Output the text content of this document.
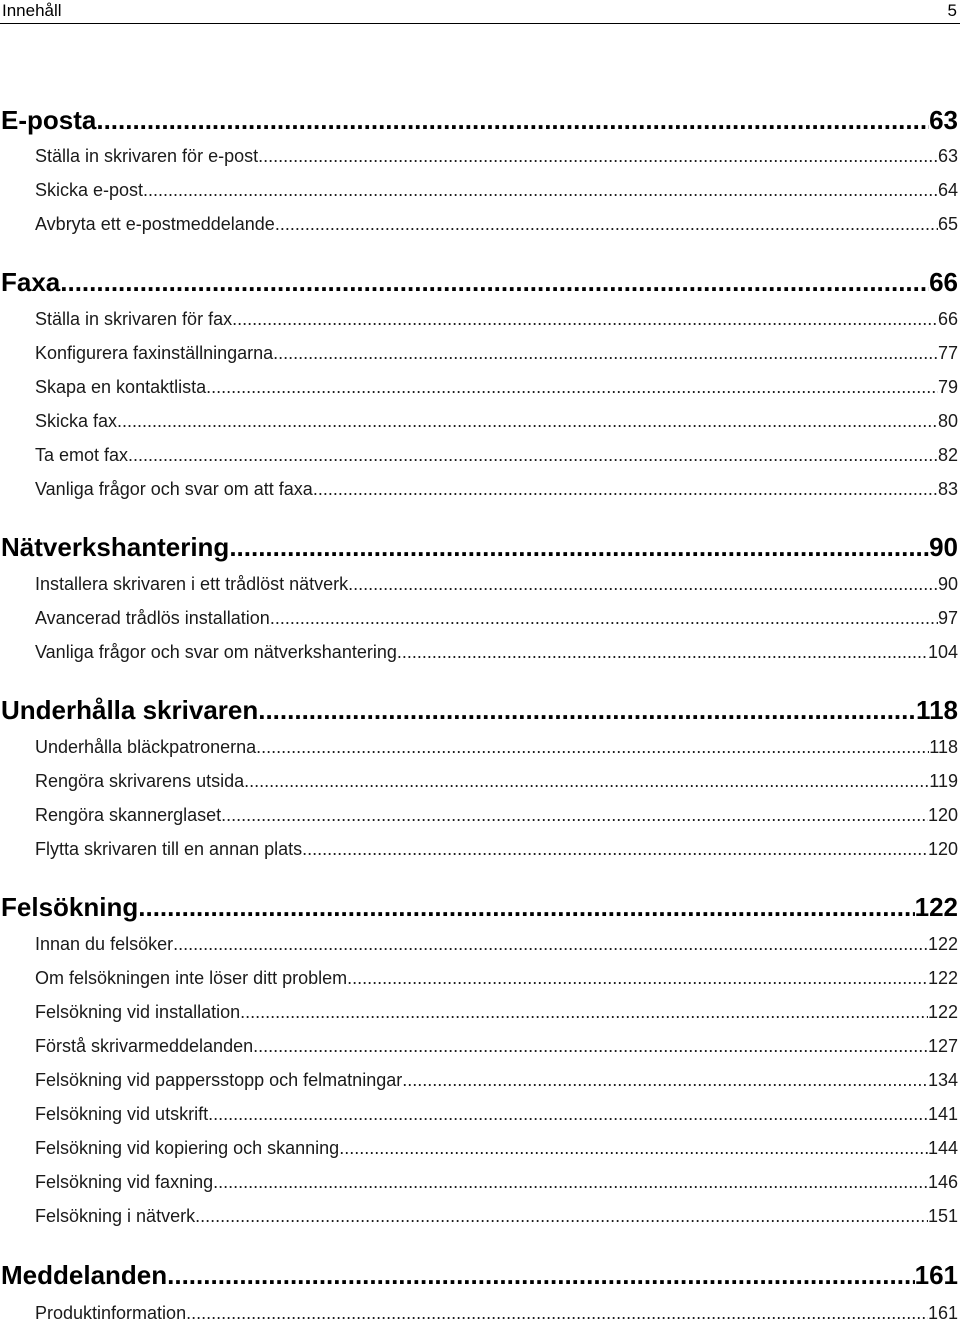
Innehåll	5
E-posta .....	63
Ställa in skrivaren för e-post .....	63
Skicka e-post .....	64
Avbryta ett e-postmeddelande .....	65
Faxa .....	66
Ställa in skrivaren för fax .....	66
Konfigurera faxinställningarna .....	77
Skapa en kontaktlista .....	79
Skicka fax .....	80
Ta emot fax .....	82
Vanliga frågor och svar om att faxa .....	83
Nätverkshantering .....	90
Installera skrivaren i ett trådlöst nätverk .....	90
Avancerad trådlös installation .....	97
Vanliga frågor och svar om nätverkshantering .....	104
Underhålla skrivaren .....	118
Underhålla bläckpatronerna .....	118
Rengöra skrivarens utsida .....	119
Rengöra skannerglaset .....	120
Flytta skrivaren till en annan plats .....	120
Felsökning .....	122
Innan du felsöker .....	122
Om felsökningen inte löser ditt problem .....	122
Felsökning vid installation .....	122
Förstå skrivarmeddelanden .....	127
Felsökning vid pappersstopp och felmatningar .....	134
Felsökning vid utskrift .....	141
Felsökning vid kopiering och skanning .....	144
Felsökning vid faxning .....	146
Felsökning i nätverk .....	151
Meddelanden .....	161
Produktinformation .....	161
